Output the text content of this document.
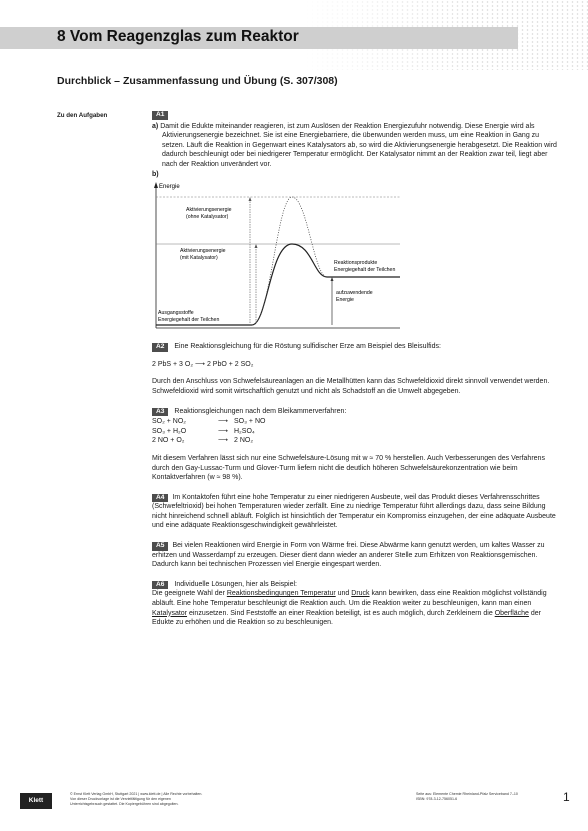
8 Vom Reagenzglas zum Reaktor
Durchblick – Zusammenfassung und Übung (S. 307/308)
Zu den Aufgaben	A1
a) Damit die Edukte miteinander reagieren, ist zum Auslösen der Reaktion Energiezufuhr notwendig. Diese Energie wird als Aktivierungsenergie bezeichnet. Sie ist eine Energiebarriere, die überwunden werden muss, um eine Reaktion in Gang zu setzen. Läuft die Reaktion in Gegenwart eines Katalysators ab, so wird die Aktivierungsenergie herabgesetzt. Die Reaktion wird dadurch beschleunigt oder bei niedrigerer Temperatur ermöglicht. Der Katalysator nimmt an der Reaktion zwar teil, liegt aber nach der Reaktion unverändert vor.
b)
Energie
Aktivierungsenergie
(ohne Katalysator)
Aktivierungsenergie
(mit Katalysator)
Reaktionsprodukte
Energiegehalt der Teilchen
aufzuwendende
Energie
Ausgangsstoffe
Energiegehalt der Teilchen
A2 Eine Reaktionsgleichung für die Röstung sulfidischer Erze am Beispiel des Bleisulfids:
2 PbS + 3 O₂ ⟶ 2 PbO + 2 SO₂
Durch den Anschluss von Schwefelsäureanlagen an die Metallhütten kann das Schwefeldioxid direkt sinnvoll verwendet werden. Schwefeldioxid wird somit wirtschaftlich genutzt und nicht als Schadstoff an die Umwelt abgegeben.
A3 Reaktionsgleichungen nach dem Bleikammerverfahren:
SO₂ + NO₂	⟶ SO₃ + NO
SO₃ + H₂O	⟶ H₂SO₄
2 NO + O₂	⟶ 2 NO₂
Mit diesem Verfahren lässt sich nur eine Schwefelsäure-Lösung mit w ≈ 70 % herstellen. Auch Verbesserungen des Verfahrens durch den Gay-Lussac-Turm und Glover-Turm liefern nicht die deutlich höheren Schwefelsäurekonzentration wie beim Kontaktverfahren (w ≈ 98 %).
A4 Im Kontaktofen führt eine hohe Temperatur zu einer niedrigeren Ausbeute, weil das Produkt dieses Verfahrensschrittes (Schwefeltrioxid) bei hohen Temperaturen wieder zerfällt. Eine zu niedrige Temperatur führt allerdings dazu, dass seine Bildung nicht hinreichend schnell abläuft. Folglich ist hinsichtlich der Temperatur ein Kompromiss einzugehen, der eine adäquate Ausbeute und eine adäquate Reaktionsgeschwindigkeit gewährleistet.
A5 Bei vielen Reaktionen wird Energie in Form von Wärme frei. Diese Abwärme kann genutzt werden, um kaltes Wasser zu erhitzen und Wasserdampf zu erzeugen. Dieser dient dann wieder an anderer Stelle zum Erhitzen von Reaktionsgemischen. Dadurch kann bei technischen Prozessen viel Energie eingespart werden.
A6 Individuelle Lösungen, hier als Beispiel:
Die geeignete Wahl der Reaktionsbedingungen Temperatur und Druck kann bewirken, dass eine Reaktion möglichst vollständig abläuft. Eine hohe Temperatur beschleunigt die Reaktion auch. Um die Reaktion weiter zu beschleunigen, kann man einen Katalysator einzusetzen. Sind Feststoffe an einer Reaktion beteiligt, ist es auch möglich, durch Zerkleinern die Oberfläche der Edukte zu erhöhen und die Reaktion so zu beschleunigen.
Klett
© Ernst Klett Verlag GmbH, Stuttgart 2021 | www.klett.de | Alle Rechte vorbehalten.
Von dieser Druckvorlage ist die Vervielfältigung für den eigenen
Unterrichtsgebrauch gestattet. Die Kopiergebühren sind abgegolten.
Seite aus: Elemente Chemie Rheinland-Pfalz Serviceband 7–10
ISBN: 978-3-12-756051-6	1
